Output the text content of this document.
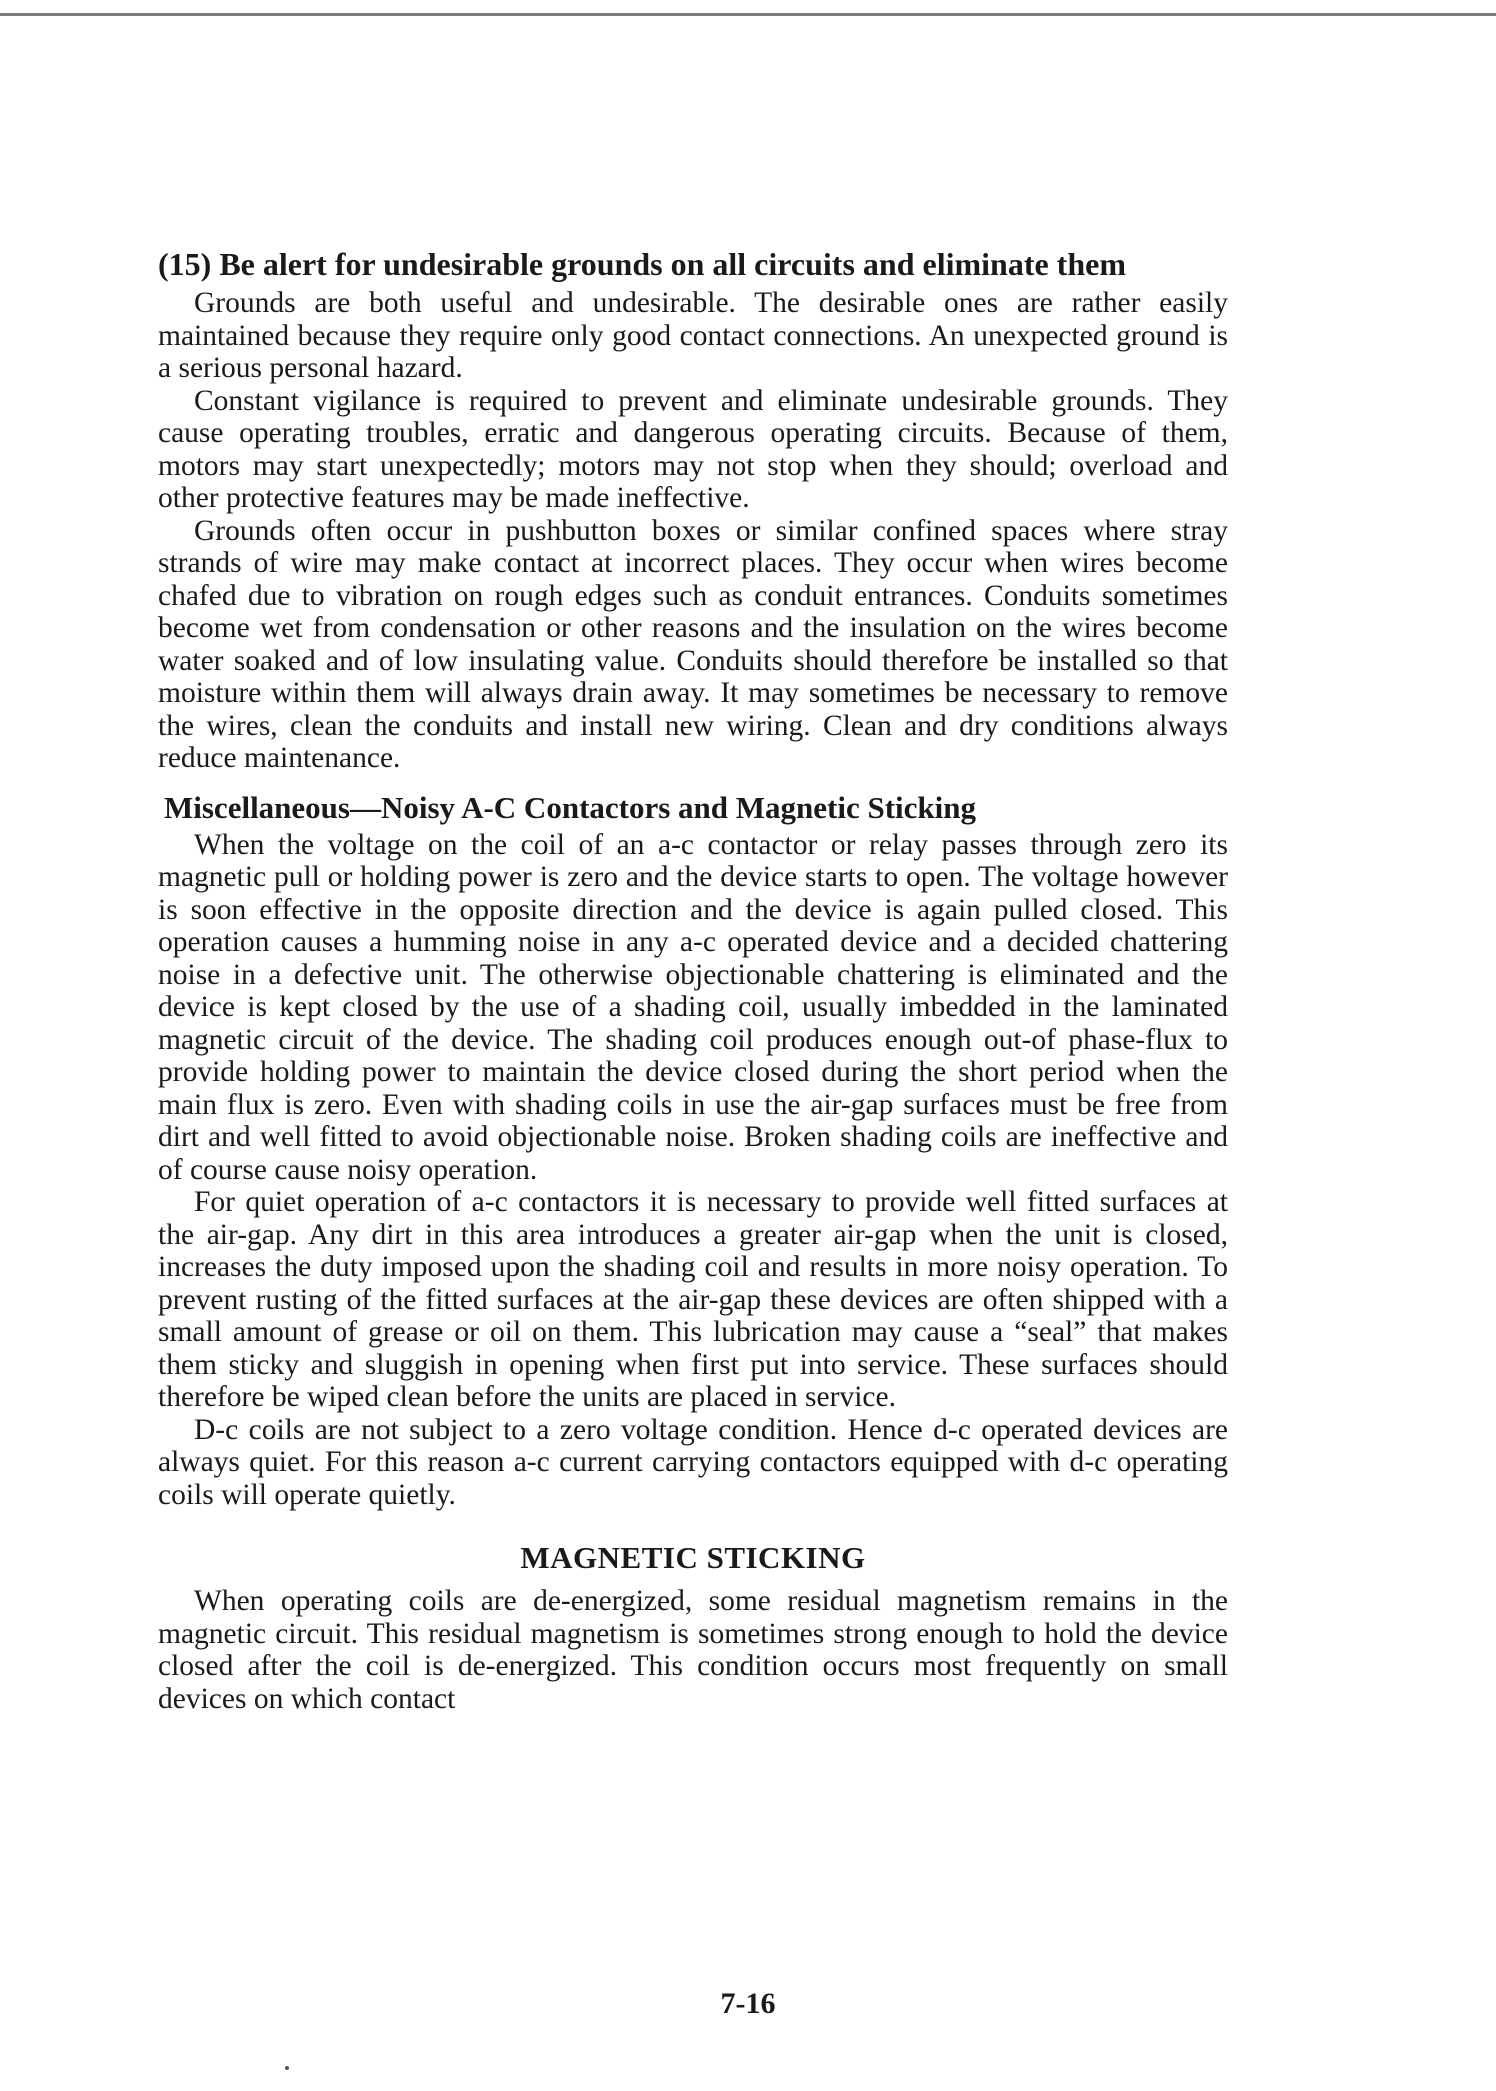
(15) Be alert for undesirable grounds on all circuits and eliminate them

Grounds are both useful and undesirable. The desirable ones are rather easily maintained because they require only good contact connections. An unexpected ground is a serious personal hazard.

Constant vigilance is required to prevent and eliminate undesirable grounds. They cause operating troubles, erratic and dangerous operating circuits. Because of them, motors may start unexpectedly; motors may not stop when they should; overload and other protective features may be made ineffective.

Grounds often occur in pushbutton boxes or similar confined spaces where stray strands of wire may make contact at incorrect places. They occur when wires become chafed due to vibration on rough edges such as conduit entrances. Conduits sometimes become wet from condensation or other reasons and the insulation on the wires become water soaked and of low insulating value. Conduits should therefore be installed so that moisture within them will always drain away. It may sometimes be necessary to remove the wires, clean the conduits and install new wiring. Clean and dry conditions always reduce maintenance.

Miscellaneous—Noisy A-C Contactors and Magnetic Sticking

When the voltage on the coil of an a-c contactor or relay passes through zero its magnetic pull or holding power is zero and the device starts to open. The voltage however is soon effective in the opposite direction and the device is again pulled closed. This operation causes a humming noise in any a-c operated device and a decided chattering noise in a defective unit. The otherwise objectionable chattering is eliminated and the device is kept closed by the use of a shading coil, usually imbedded in the laminated magnetic circuit of the device. The shading coil produces enough out-of phase-flux to provide holding power to maintain the device closed during the short period when the main flux is zero. Even with shading coils in use the air-gap surfaces must be free from dirt and well fitted to avoid objectionable noise. Broken shading coils are ineffective and of course cause noisy operation.

For quiet operation of a-c contactors it is necessary to provide well fitted surfaces at the air-gap. Any dirt in this area introduces a greater air-gap when the unit is closed, increases the duty imposed upon the shading coil and results in more noisy operation. To prevent rusting of the fitted surfaces at the air-gap these devices are often shipped with a small amount of grease or oil on them. This lubrication may cause a “seal” that makes them sticky and sluggish in opening when first put into service. These surfaces should therefore be wiped clean before the units are placed in service.

D-c coils are not subject to a zero voltage condition. Hence d-c operated devices are always quiet. For this reason a-c current carrying contactors equipped with d-c operating coils will operate quietly.

MAGNETIC STICKING

When operating coils are de-energized, some residual magnetism remains in the magnetic circuit. This residual magnetism is sometimes strong enough to hold the device closed after the coil is de-energized. This condition occurs most frequently on small devices on which contact

7-16
